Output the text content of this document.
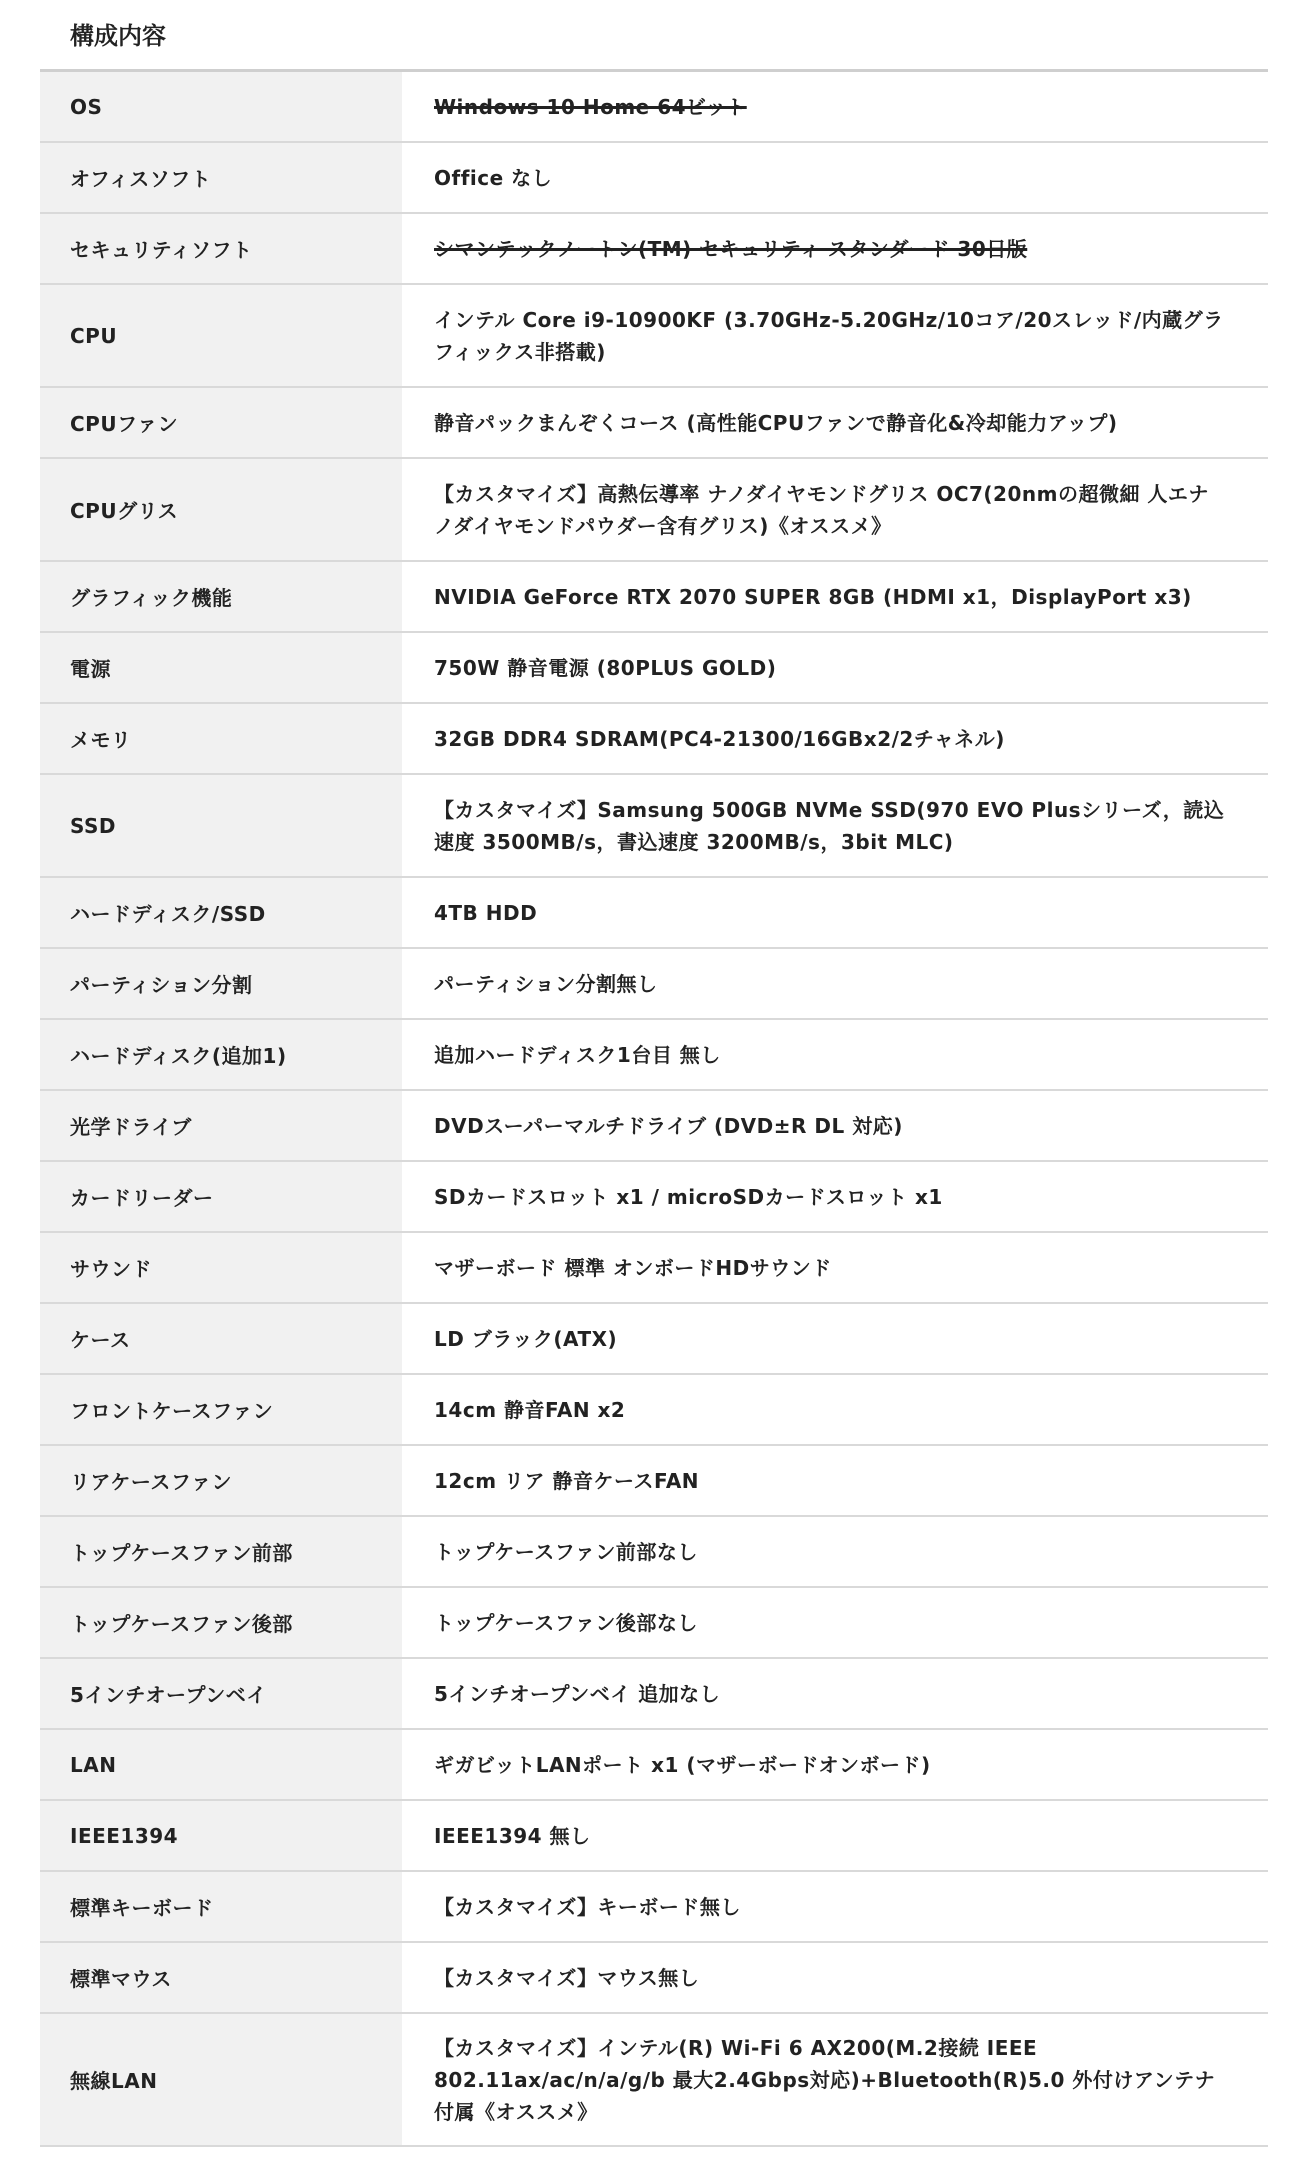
構成内容
OS	Windows 10 Home 64ビット
オフィスソフト	Office なし
セキュリティソフト	シマンテックノートン(TM) セキュリティ スタンダード 30日版
CPU	インテル Core i9-10900KF (3.70GHz-5.20GHz/10コア/20スレッド/内蔵グラフィックス非搭載)
CPUファン	静音パックまんぞくコース (高性能CPUファンで静音化&冷却能力アップ)
CPUグリス	【カスタマイズ】高熱伝導率 ナノダイヤモンドグリス OC7(20nmの超微細 人エナノダイヤモンドパウダー含有グリス)《オススメ》
グラフィック機能	NVIDIA GeForce RTX 2070 SUPER 8GB (HDMI x1，DisplayPort x3)
電源	750W 静音電源 (80PLUS GOLD)
メモリ	32GB DDR4 SDRAM(PC4-21300/16GBx2/2チャネル)
SSD	【カスタマイズ】Samsung 500GB NVMe SSD(970 EVO Plusシリーズ，読込速度 3500MB/s，書込速度 3200MB/s，3bit MLC)
ハードディスク/SSD	4TB HDD
パーティション分割	パーティション分割無し
ハードディスク(追加1)	追加ハードディスク1台目 無し
光学ドライブ	DVDスーパーマルチドライブ (DVD±R DL 対応)
カードリーダー	SDカードスロット x1 / microSDカードスロット x1
サウンド	マザーボード 標準 オンボードHDサウンド
ケース	LD ブラック(ATX)
フロントケースファン	14cm 静音FAN x2
リアケースファン	12cm リア 静音ケースFAN
トップケースファン前部	トップケースファン前部なし
トップケースファン後部	トップケースファン後部なし
5インチオープンベイ	5インチオープンベイ 追加なし
LAN	ギガビットLANポート x1 (マザーボードオンボード)
IEEE1394	IEEE1394 無し
標準キーボード	【カスタマイズ】キーボード無し
標準マウス	【カスタマイズ】マウス無し
無線LAN	【カスタマイズ】インテル(R) Wi-Fi 6 AX200(M.2接続 IEEE 802.11ax/ac/n/a/g/b 最大2.4Gbps対応)+Bluetooth(R)5.0 外付けアンテナ付属《オススメ》
